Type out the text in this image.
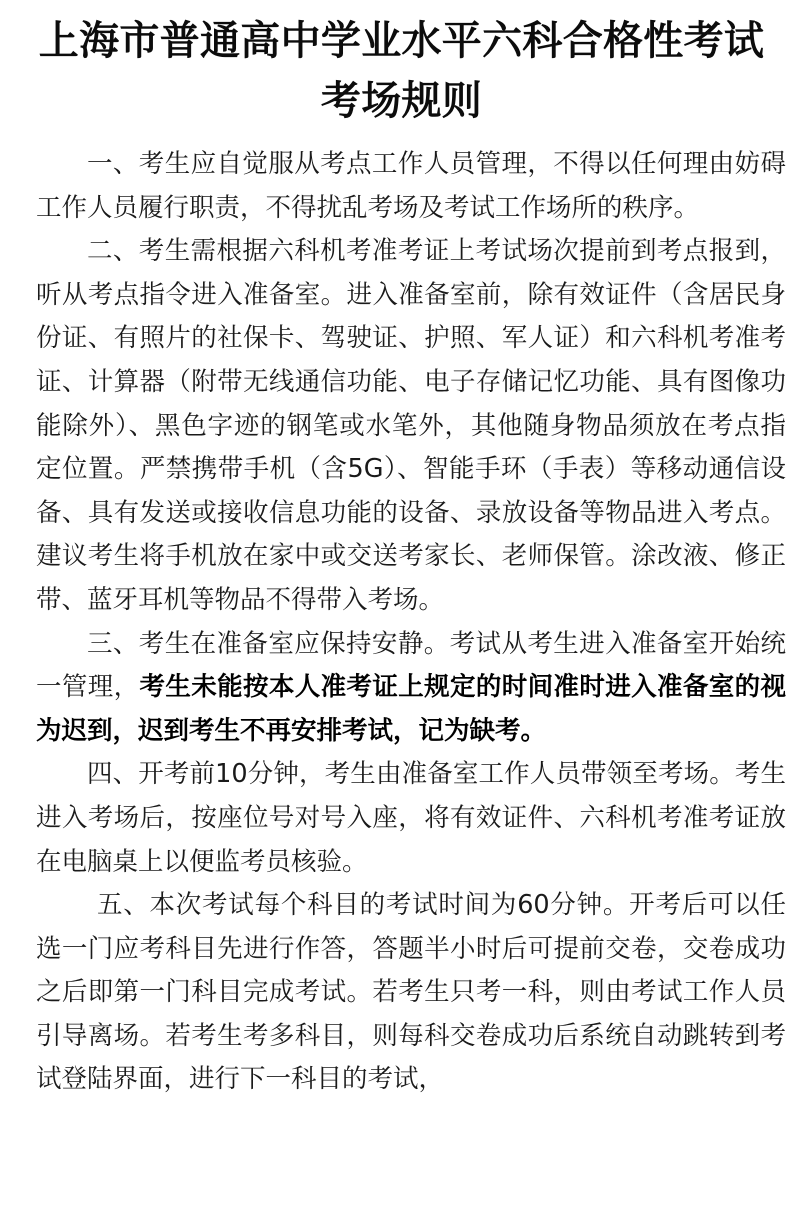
上海市普通高中学业水平六科合格性考试
考场规则

一、考生应自觉服从考点工作人员管理，不得以任何理由妨碍工作人员履行职责，不得扰乱考场及考试工作场所的秩序。

二、考生需根据六科机考准考证上考试场次提前到考点报到，听从考点指令进入准备室。进入准备室前，除有效证件（含居民身份证、有照片的社保卡、驾驶证、护照、军人证）和六科机考准考证、计算器（附带无线通信功能、电子存储记忆功能、具有图像功能除外）、黑色字迹的钢笔或水笔外，其他随身物品须放在考点指定位置。严禁携带手机（含5G）、智能手环（手表）等移动通信设备、具有发送或接收信息功能的设备、录放设备等物品进入考点。建议考生将手机放在家中或交送考家长、老师保管。涂改液、修正带、蓝牙耳机等物品不得带入考场。

三、考生在准备室应保持安静。考试从考生进入准备室开始统一管理，考生未能按本人准考证上规定的时间准时进入准备室的视为迟到，迟到考生不再安排考试，记为缺考。

四、开考前10分钟，考生由准备室工作人员带领至考场。考生进入考场后，按座位号对号入座，将有效证件、六科机考准考证放在电脑桌上以便监考员核验。

五、本次考试每个科目的考试时间为60分钟。开考后可以任选一门应考科目先进行作答，答题半小时后可提前交卷，交卷成功之后即第一门科目完成考试。若考生只考一科，则由考试工作人员引导离场。若考生考多科目，则每科交卷成功后系统自动跳转到考试登陆界面，进行下一科目的考试，
